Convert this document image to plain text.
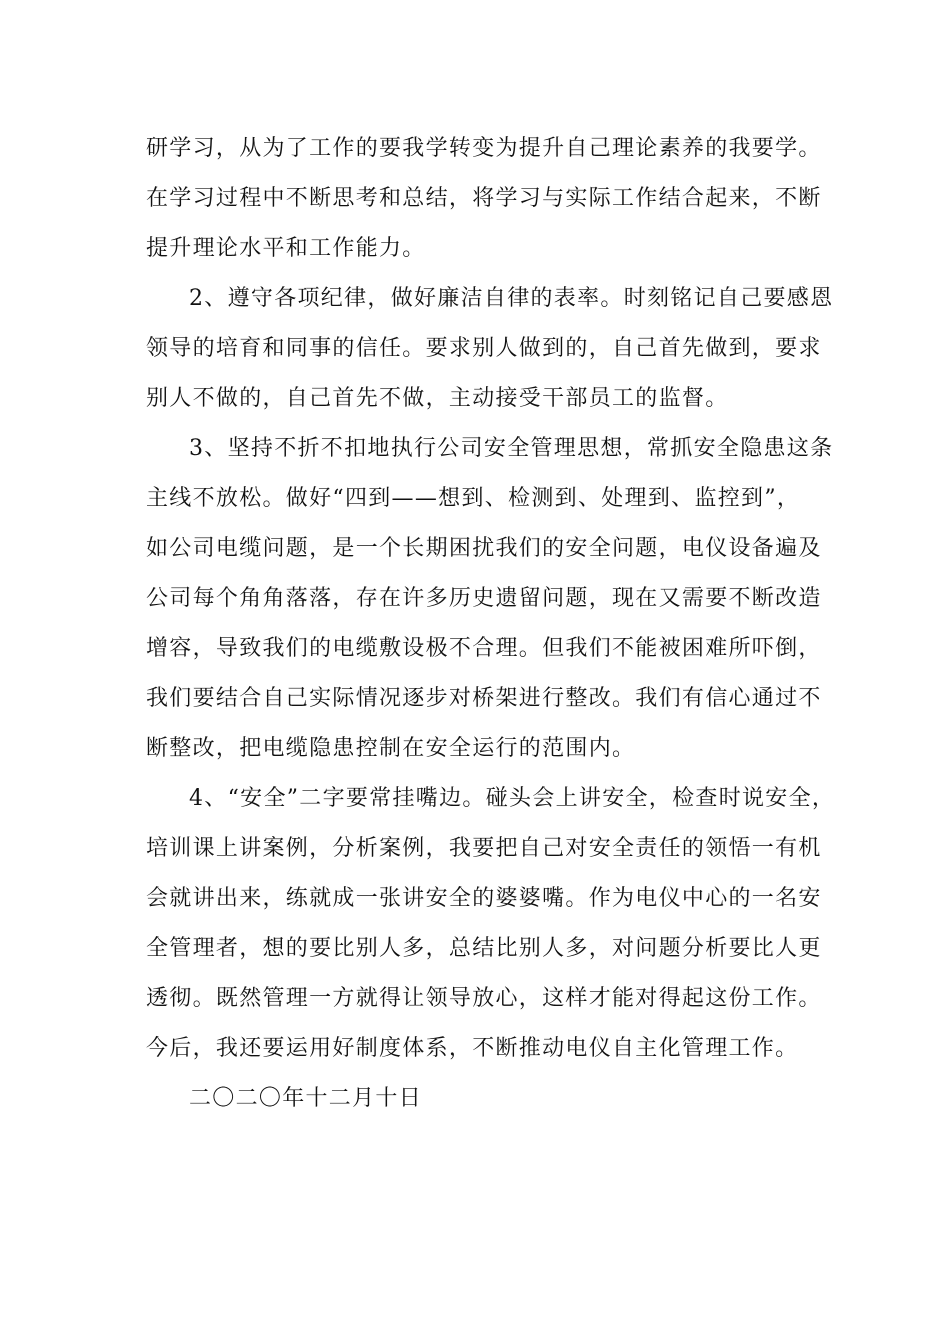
研学习，从为了工作的要我学转变为提升自己理论素养的我要学。
在学习过程中不断思考和总结，将学习与实际工作结合起来，不断
提升理论水平和工作能力。
2、遵守各项纪律，做好廉洁自律的表率。时刻铭记自己要感恩
领导的培育和同事的信任。要求别人做到的，自己首先做到，要求
别人不做的，自己首先不做，主动接受干部员工的监督。
3、坚持不折不扣地执行公司安全管理思想，常抓安全隐患这条
主线不放松。做好“四到——想到、检测到、处理到、监控到”，
如公司电缆问题，是一个长期困扰我们的安全问题，电仪设备遍及
公司每个角角落落，存在许多历史遗留问题，现在又需要不断改造
增容，导致我们的电缆敷设极不合理。但我们不能被困难所吓倒，
我们要结合自己实际情况逐步对桥架进行整改。我们有信心通过不
断整改，把电缆隐患控制在安全运行的范围内。
4、“安全”二字要常挂嘴边。碰头会上讲安全，检查时说安全，
培训课上讲案例，分析案例，我要把自己对安全责任的领悟一有机
会就讲出来，练就成一张讲安全的婆婆嘴。作为电仪中心的一名安
全管理者，想的要比别人多，总结比别人多，对问题分析要比人更
透彻。既然管理一方就得让领导放心，这样才能对得起这份工作。
今后，我还要运用好制度体系，不断推动电仪自主化管理工作。
二〇二〇年十二月十日
